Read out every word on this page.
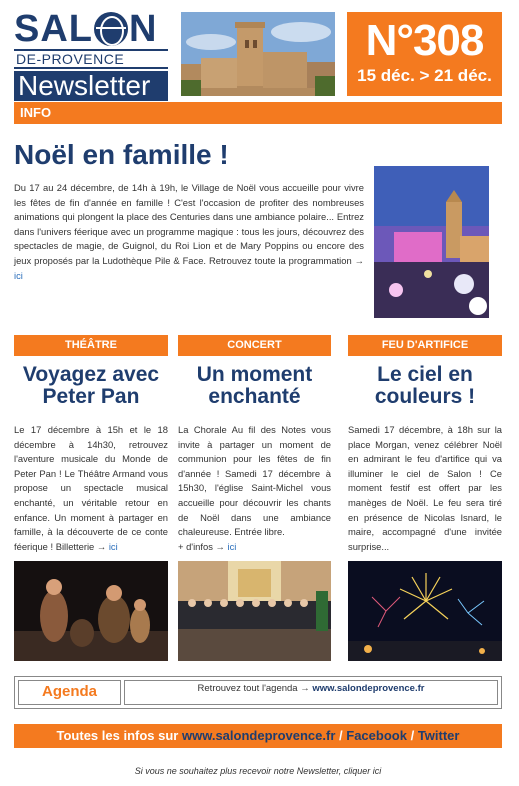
SAL N
DE-PROVENCE
Newsletter
N°308
15 déc. > 21 déc.
INFO
Noël en famille !
Du 17 au 24 décembre, de 14h à 19h, le Village de Noël vous accueille pour vivre les fêtes de fin d'année en famille ! C'est l'occasion de profiter des nombreuses animations qui plongent la place des Centuries dans une ambiance polaire... Entrez dans l'univers féerique avec un programme magique : tous les jours, découvrez des spectacles de magie, de Guignol, du Roi Lion et de Mary Poppins ou encore des jeux proposés par la Ludothèque Pile & Face. Retrouvez toute la programmation → ici
THÉÂTRE
Voyagez avec
Peter Pan
Le 17 décembre à 15h et le 18 décembre à 14h30, retrouvez l'aventure musicale du Monde de Peter Pan ! Le Théâtre Armand vous propose un spectacle musical enchanté, un véritable retour en enfance. Un moment à partager en famille, à la découverte de ce conte féerique ! Billetterie → ici
CONCERT
Un moment
enchanté
La Chorale Au fil des Notes vous invite à partager un moment de communion pour les fêtes de fin d'année ! Samedi 17 décembre à 15h30, l'église Saint-Michel vous accueille pour découvrir les chants de Noël dans une ambiance chaleureuse. Entrée libre.
+ d'infos → ici
FEU D'ARTIFICE
Le ciel en
couleurs !
Samedi 17 décembre, à 18h sur la place Morgan, venez célébrer Noël en admirant le feu d'artifice qui va illuminer le ciel de Salon ! Ce moment festif est offert par les manèges de Noël. Le feu sera tiré en présence de Nicolas Isnard, le maire, accompagné d'une invitée surprise...
Agenda	Retrouvez tout l'agenda → www.salondeprovence.fr
Toutes les infos sur www.salondeprovence.fr / Facebook / Twitter
Si vous ne souhaitez plus recevoir notre Newsletter, cliquer ici
